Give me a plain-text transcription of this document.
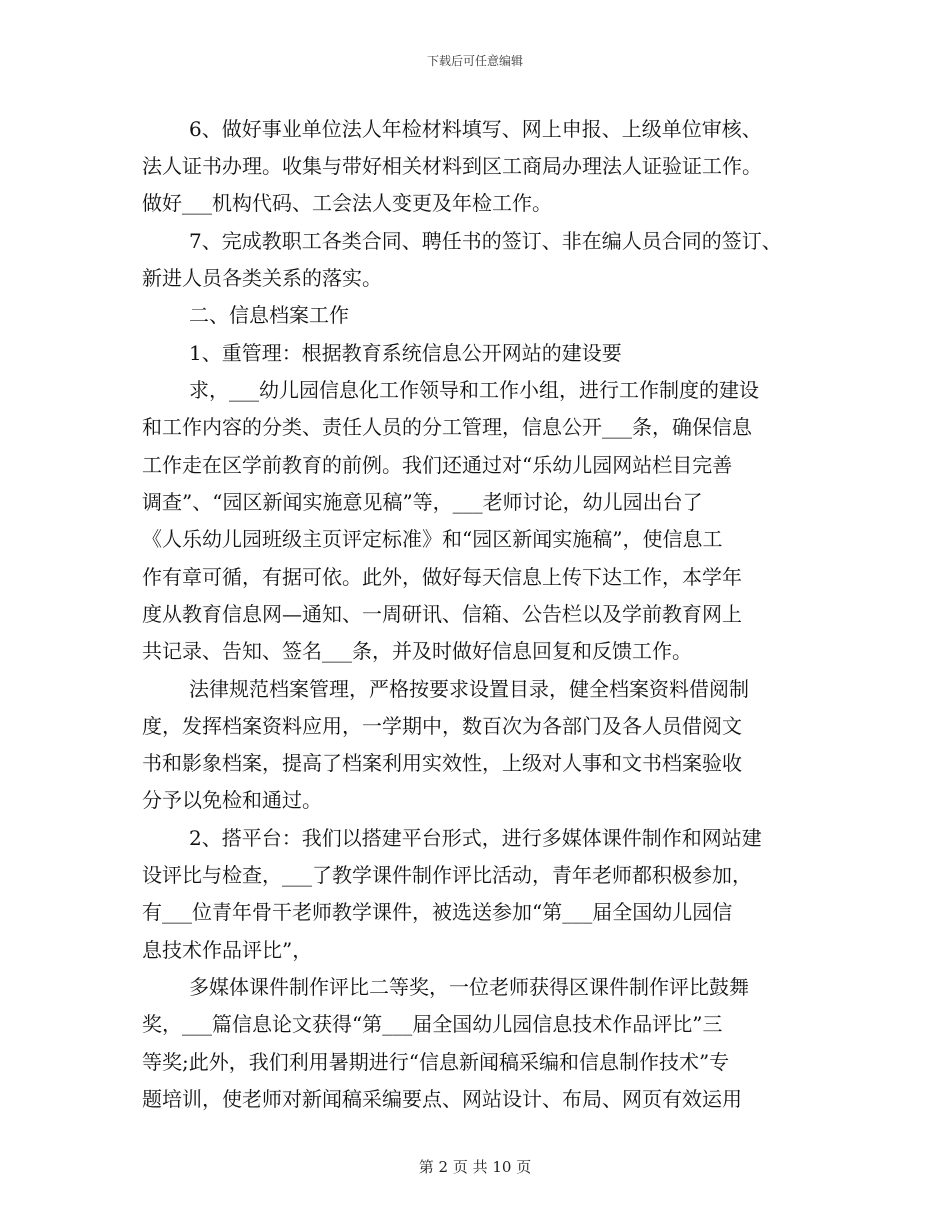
下载后可任意编辑
6、做好事业单位法人年检材料填写、网上申报、上级单位审核、
法人证书办理。收集与带好相关材料到区工商局办理法人证验证工作。
做好___机构代码、工会法人变更及年检工作。
7、完成教职工各类合同、聘任书的签订、非在编人员合同的签订、
新进人员各类关系的落实。
二、信息档案工作
1、重管理：根据教育系统信息公开网站的建设要
求，___幼儿园信息化工作领导和工作小组，进行工作制度的建设
和工作内容的分类、责任人员的分工管理，信息公开___条，确保信息
工作走在区学前教育的前例。我们还通过对“乐幼儿园网站栏目完善
调查”、“园区新闻实施意见稿”等，___老师讨论，幼儿园出台了
《人乐幼儿园班级主页评定标准》和“园区新闻实施稿”，使信息工
作有章可循，有据可依。此外，做好每天信息上传下达工作，本学年
度从教育信息网—通知、一周研讯、信箱、公告栏以及学前教育网上
共记录、告知、签名___条，并及时做好信息回复和反馈工作。
法律规范档案管理，严格按要求设置目录，健全档案资料借阅制
度，发挥档案资料应用，一学期中，数百次为各部门及各人员借阅文
书和影象档案，提高了档案利用实效性，上级对人事和文书档案验收
分予以免检和通过。
2、搭平台：我们以搭建平台形式，进行多媒体课件制作和网站建
设评比与检查，___了教学课件制作评比活动，青年老师都积极参加，
有___位青年骨干老师教学课件，被选送参加“第___届全国幼儿园信
息技术作品评比”，
多媒体课件制作评比二等奖，一位老师获得区课件制作评比鼓舞
奖，___篇信息论文获得“第___届全国幼儿园信息技术作品评比”三
等奖;此外，我们利用暑期进行“信息新闻稿采编和信息制作技术”专
题培训，使老师对新闻稿采编要点、网站设计、布局、网页有效运用
第 2 页 共 10 页
